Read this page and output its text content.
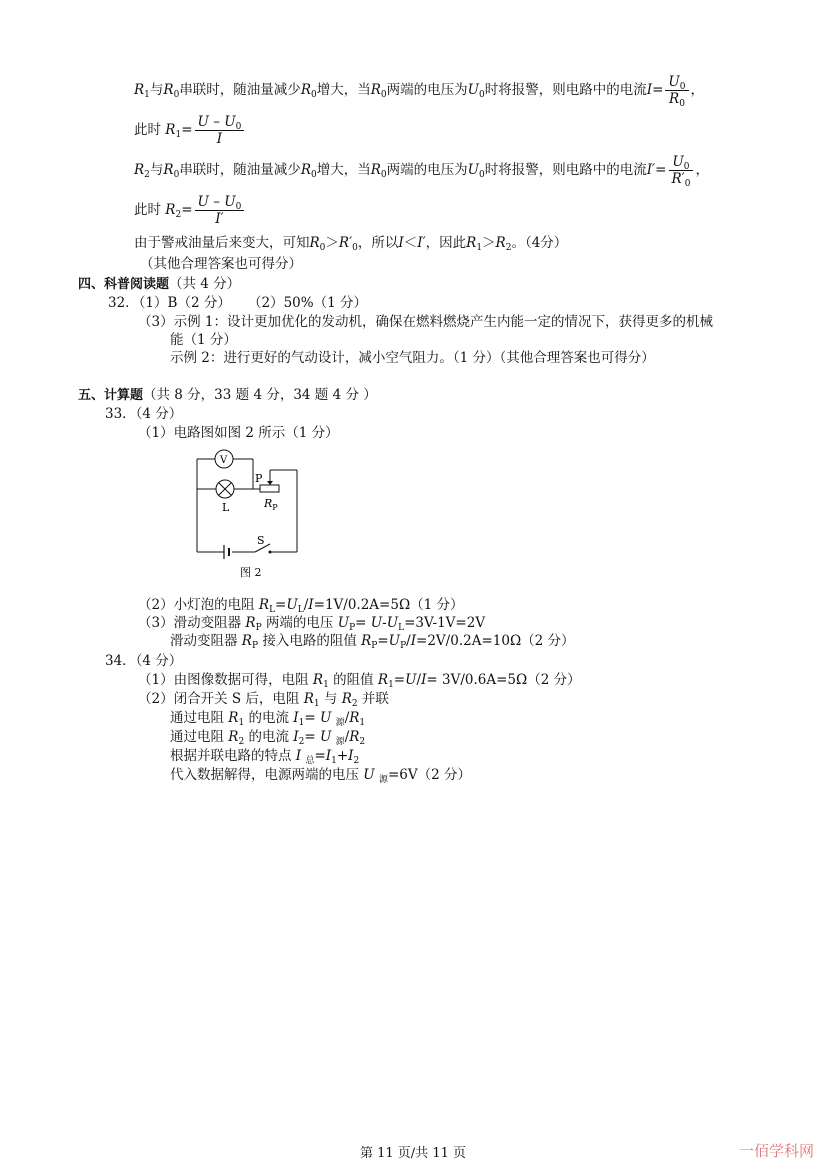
$R_1$与$R_0$串联时，随油量减少$R_0$增大，当$R_0$两端的电压为$U_0$时将报警，则电路中的电流$I= \frac{U_0}{R_0}$ ，
此时 $R_1= \frac{U - U_0}{I}$
$R_2$与$R_0$串联时，随油量减少$R_0$增大，当$R_0$两端的电压为$U_0$时将报警，则电路中的电流$I'= \frac{U_0}{R'_0}$ ，
此时 $R_2= \frac{U - U_0}{I'}$
由于警戒油量后来变大，可知$R_0>R'_0$，所以I＜I′，因此$R_1>R_2$。（4分）
（其他合理答案也可得分）
四、科普阅读题（共 4 分）
32．（1）B（2 分）    （2）50%（1 分）
（3）示例 1：设计更加优化的发动机，确保在燃料燃烧产生内能一定的情况下，获得更多的机械
能（1 分）
示例 2：进行更好的气动设计，减小空气阻力。（1 分）（其他合理答案也可得分）
五、计算题（共 8 分，33 题 4 分，34 题 4 分 ）
33．（4 分）
（1）电路图如图 2 所示（1 分）
V
L
P
$R_P$
S
图 2
（2）小灯泡的电阻 $R_L=U_L/I=1V/0.2A=5\Omega(1$ 分）
（3）滑动变阻器 $R_P$ 两端的电压 $U_P= U-U_L=3V-1V=2V$
滑动变阻器 $R_P$ 接入电路的阻值 $R_P=U_P/I=2V/0.2A=10\Omega(2$ 分）
34．（4 分）
（1）由图像数据可得，电阻 $R_1$ 的阻值 $R_1=U/I= 3V/0.6A=5\Omega(2$ 分）
（2）闭合开关 S 后，电阻 $R_1$ 与 $R_2$ 并联
通过电阻 $R_1$ 的电流 $I_1= U$ $_源/R_1$
通过电阻 $R_2$ 的电流 $I_2= U$ $_源/R_2$
根据并联电路的特点 I $_总=I_1+I_2$
代入数据解得，电源两端的电压 U $_源$=6V（2 分）
第 11 页/共 11 页	一佰学科网
